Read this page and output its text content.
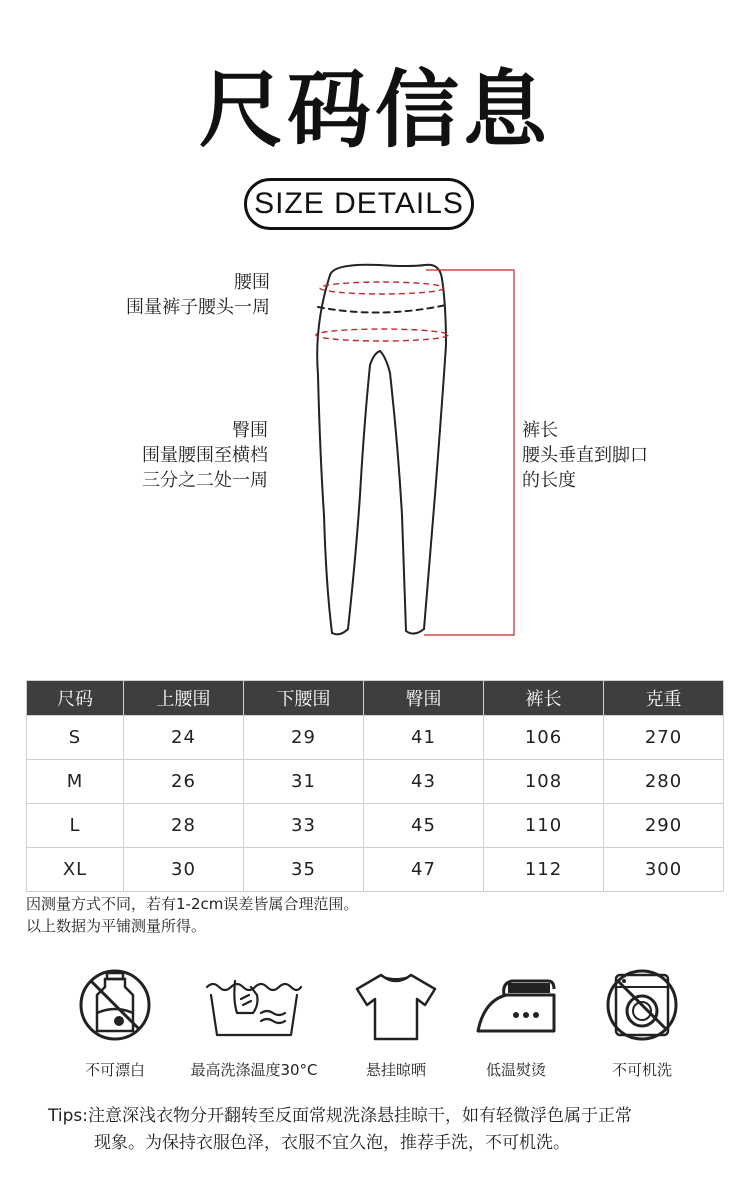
尺码信息
SIZE DETAILS
腰围
围量裤子腰头一周
臀围
围量腰围至横档
三分之二处一周
裤长
腰头垂直到脚口
的长度
尺码	上腰围	下腰围	臀围	裤长	克重
S	24	29	41	106	270
M	26	31	43	108	280
L	28	33	45	110	290
XL	30	35	47	112	300
因测量方式不同，若有1-2cm误差皆属合理范围。
以上数据为平铺测量所得。
不可漂白	最高洗涤温度30°C	悬挂晾晒	低温熨烫	不可机洗
Tips:注意深浅衣物分开翻转至反面常规洗涤悬挂晾干，如有轻微浮色属于正常
现象。为保持衣服色泽，衣服不宜久泡，推荐手洗，不可机洗。
